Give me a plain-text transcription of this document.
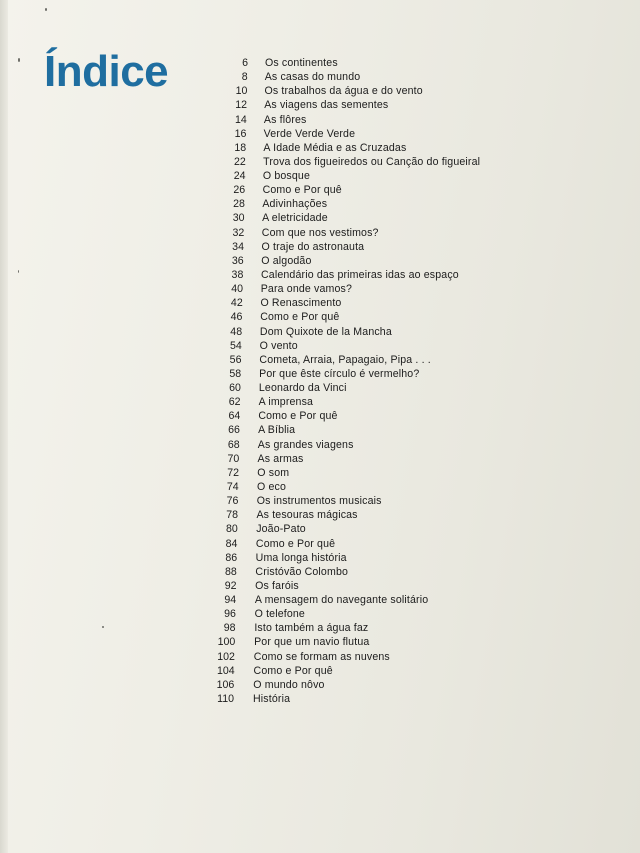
Índice	6 Os continentes
8 As casas do mundo
10 Os trabalhos da água e do vento
12 As viagens das sementes
14 As flôres
16 Verde Verde Verde
18 A Idade Média e as Cruzadas
22 Trova dos figueiredos ou Canção do figueiral
24 O bosque
26 Como e Por quê
28 Adivinhações
30 A eletricidade
32 Com que nos vestimos?
34 O traje do astronauta
36 O algodão
38 Calendário das primeiras idas ao espaço
40 Para onde vamos?
42 O Renascimento
46 Como e Por quê
48 Dom Quixote de la Mancha
54 O vento
56 Cometa, Arraia, Papagaio, Pipa . . .
58 Por que êste círculo é vermelho?
60 Leonardo da Vinci
62 A imprensa
64 Como e Por quê
66 A Bíblia
68 As grandes viagens
70 As armas
72 O som
74 O eco
76 Os instrumentos musicais
78 As tesouras mágicas
80 João-Pato
84 Como e Por quê
86 Uma longa história
88 Cristóvão Colombo
92 Os faróis
94 A mensagem do navegante solitário
96 O telefone
98 Isto também a água faz
100 Por que um navio flutua
102 Como se formam as nuvens
104 Como e Por quê
106 O mundo nôvo
110 História
